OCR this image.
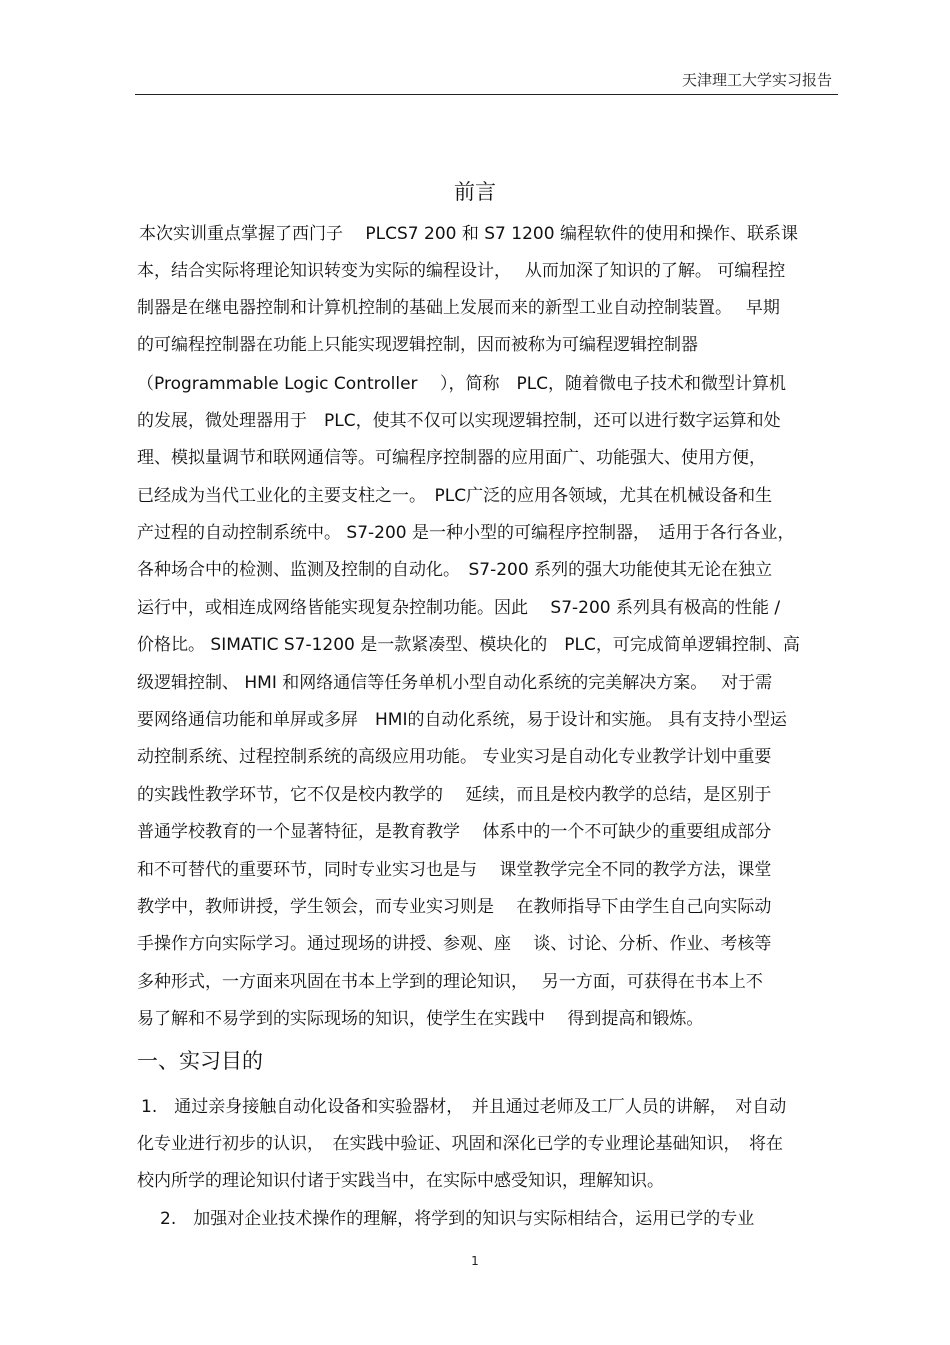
天津理工大学实习报告
前言
本次实训重点掌握了西门子　 PLCS7 200 和 S7 1200 编程软件的使用和操作、联系课
本，结合实际将理论知识转变为实际的编程设计，　 从而加深了知识的了解。 可编程控
制器是在继电器控制和计算机控制的基础上发展而来的新型工业自动控制装置。　 早期
的可编程控制器在功能上只能实现逻辑控制，因而被称为可编程逻辑控制器
（Programmable Logic Controller　 ），简称　PLC，随着微电子技术和微型计算机
的发展，微处理器用于　PLC，使其不仅可以实现逻辑控制，还可以进行数字运算和处
理、模拟量调节和联网通信等。可编程序控制器的应用面广、功能强大、使用方便，
已经成为当代工业化的主要支柱之一。　PLC广泛的应用各领域，尤其在机械设备和生
产过程的自动控制系统中。 S7-200 是一种小型的可编程序控制器，　适用于各行各业，
各种场合中的检测、监测及控制的自动化。　S7-200 系列的强大功能使其无论在独立
运行中，或相连成网络皆能实现复杂控制功能。因此　 S7-200 系列具有极高的性能 /
价格比。 SIMATIC S7-1200 是一款紧凑型、模块化的　PLC，可完成简单逻辑控制、高
级逻辑控制、 HMI 和网络通信等任务单机小型自动化系统的完美解决方案。　 对于需
要网络通信功能和单屏或多屏　HMI的自动化系统，易于设计和实施。 具有支持小型运
动控制系统、过程控制系统的高级应用功能。 专业实习是自动化专业教学计划中重要
的实践性教学环节，它不仅是校内教学的　 延续，而且是校内教学的总结，是区别于
普通学校教育的一个显著特征，是教育教学　 体系中的一个不可缺少的重要组成部分
和不可替代的重要环节，同时专业实习也是与　 课堂教学完全不同的教学方法，课堂
教学中，教师讲授，学生领会，而专业实习则是　 在教师指导下由学生自己向实际动
手操作方向实际学习。通过现场的讲授、参观、座　 谈、讨论、分析、作业、考核等
多种形式，一方面来巩固在书本上学到的理论知识，　 另一方面，可获得在书本上不
易了解和不易学到的实际现场的知识，使学生在实践中　 得到提高和锻炼。
一、实习目的
1.　通过亲身接触自动化设备和实验器材，　并且通过老师及工厂人员的讲解，　对自动
化专业进行初步的认识，　在实践中验证、巩固和深化已学的专业理论基础知识，　将在
校内所学的理论知识付诸于实践当中，在实际中感受知识，理解知识。
2.　加强对企业技术操作的理解，将学到的知识与实际相结合，运用已学的专业
1
